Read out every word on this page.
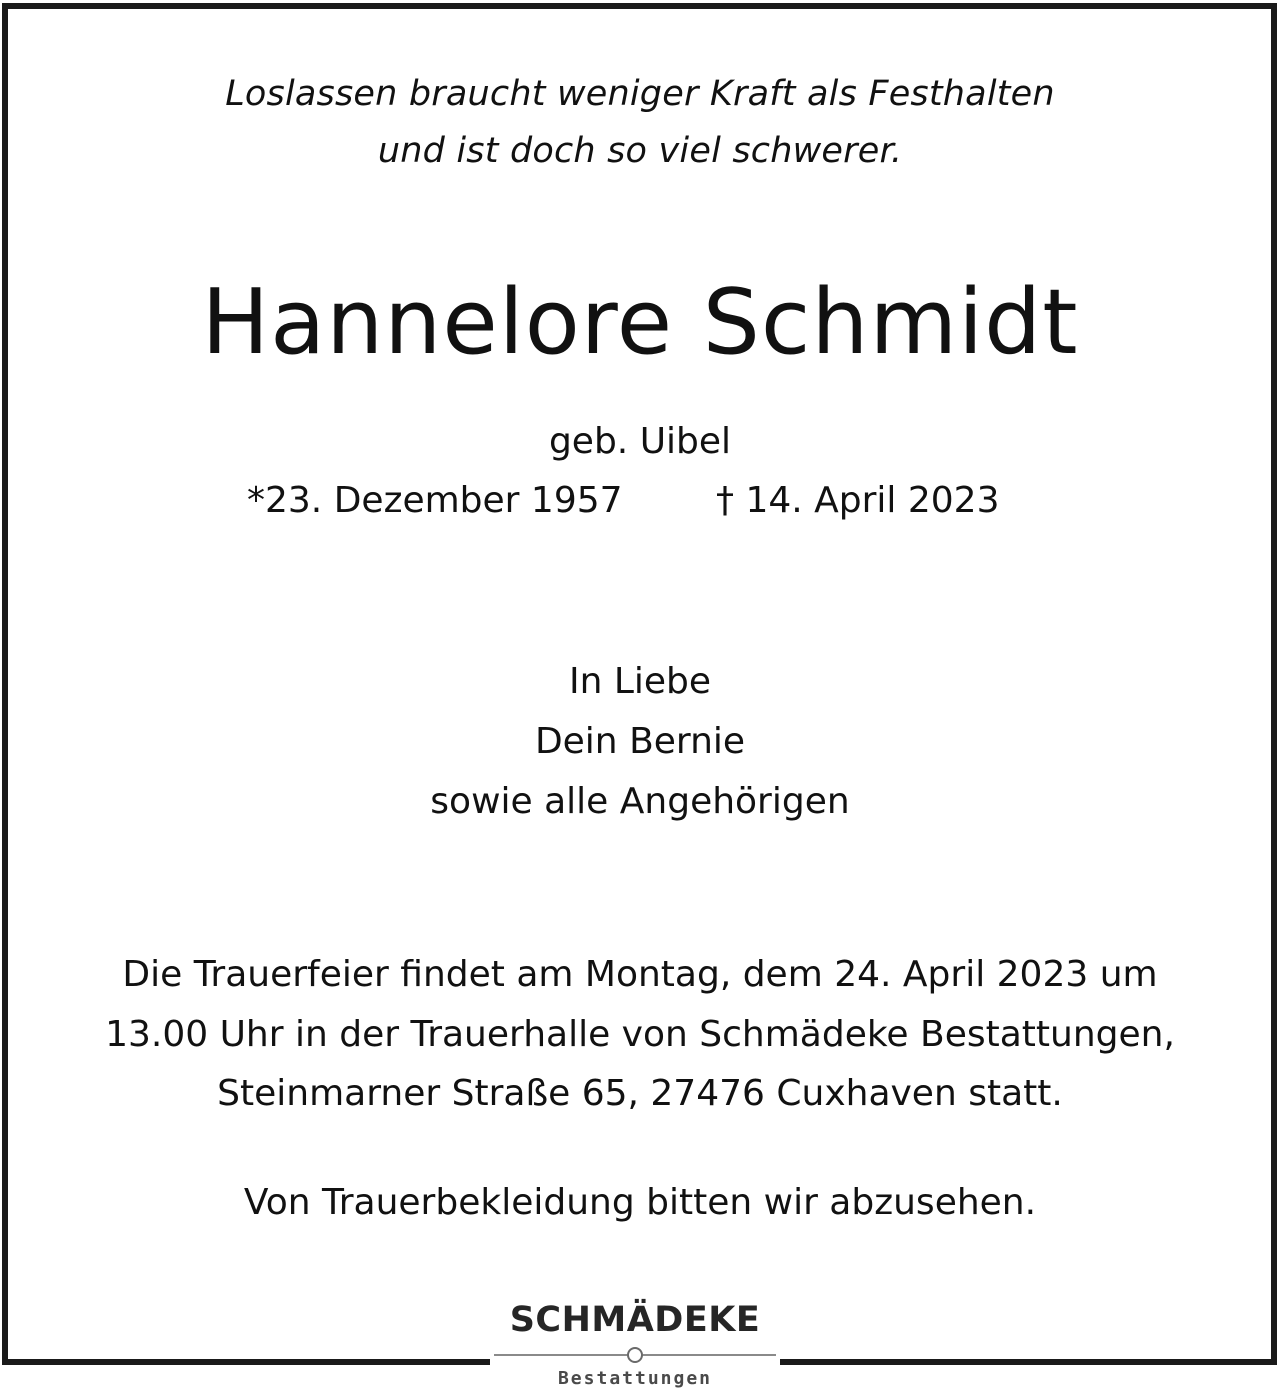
Loslassen braucht weniger Kraft als Festhalten
und ist doch so viel schwerer.
Hannelore Schmidt
geb. Uibel
*23. Dezember 1957	† 14. April 2023
In Liebe
Dein Bernie
sowie alle Angehörigen
Die Trauerfeier findet am Montag, dem 24. April 2023 um
13.00 Uhr in der Trauerhalle von Schmädeke Bestattungen,
Steinmarner Straße 65, 27476 Cuxhaven statt.
Von Trauerbekleidung bitten wir abzusehen.
SCHMÄDEKE
Bestattungen
